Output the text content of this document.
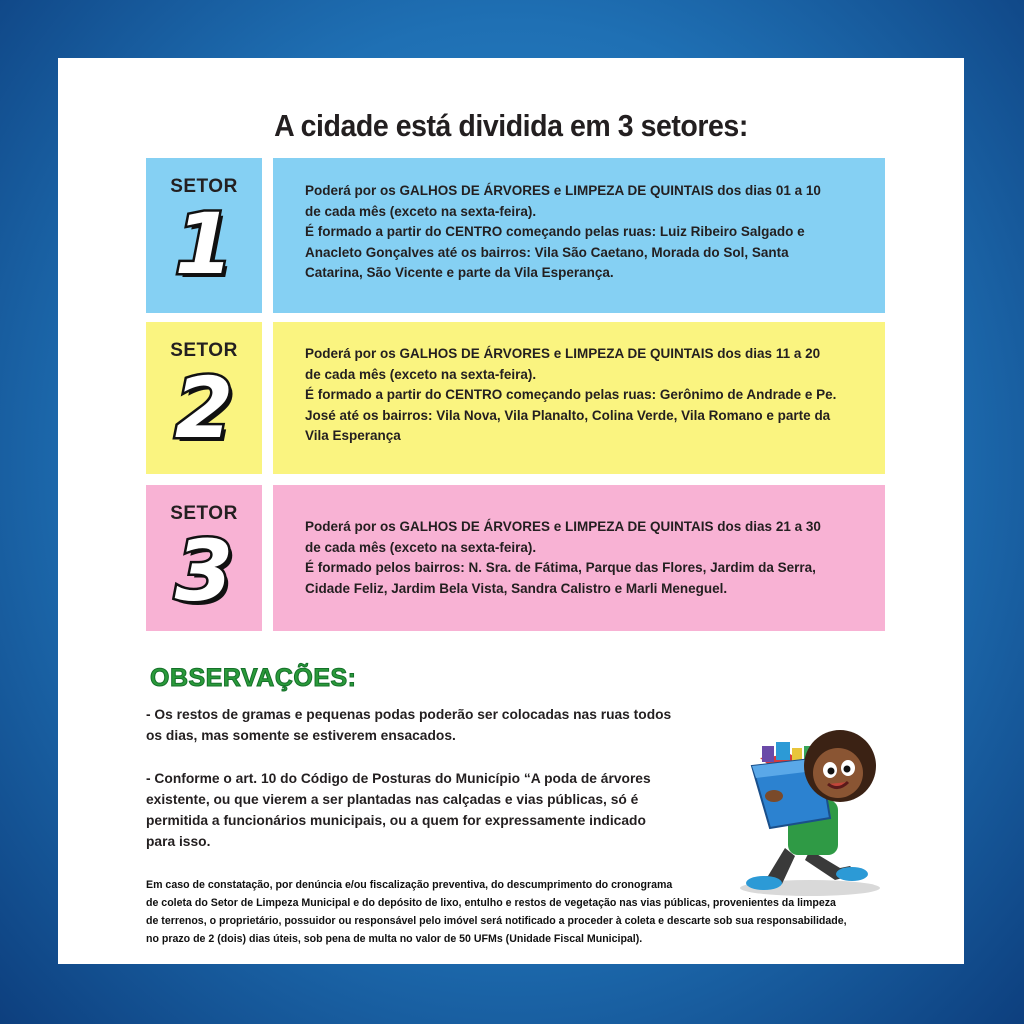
A cidade está dividida em 3 setores:
SETOR
1

Poderá por os GALHOS DE ÁRVORES e LIMPEZA DE QUINTAIS dos dias 01 a 10

de cada mês (exceto na sexta-feira).

É formado a partir do CENTRO começando pelas ruas: Luiz Ribeiro Salgado e

Anacleto Gonçalves até os bairros: Vila São Caetano, Morada do Sol, Santa

Catarina, São Vicente e parte da Vila Esperança.

SETOR
2

Poderá por os GALHOS DE ÁRVORES e LIMPEZA DE QUINTAIS dos dias 11 a 20

de cada mês (exceto na sexta-feira).

É formado a partir do CENTRO começando pelas ruas: Gerônimo de Andrade e Pe.

José até os bairros: Vila Nova, Vila Planalto, Colina Verde, Vila Romano e parte da

Vila Esperança

SETOR
3	Poderá por os GALHOS DE ÁRVORES e LIMPEZA DE QUINTAIS dos dias 21 a 30

de cada mês (exceto na sexta-feira).

É formado pelos bairros: N. Sra. de Fátima, Parque das Flores, Jardim da Serra,

Cidade Feliz, Jardim Bela Vista, Sandra Calistro e Marli Meneguel.

OBSERVAÇÕES:

- Os restos de gramas e pequenas podas poderão ser colocadas nas ruas todos

os dias, mas somente se estiverem ensacados.

- Conforme o art. 10 do Código de Posturas do Município “A poda de árvores

existente, ou que vierem a ser plantadas nas calçadas e vias públicas, só é

permitida a funcionários municipais, ou a quem for expressamente indicado

para isso.

Em caso de constatação, por denúncia e/ou fiscalização preventiva, do descumprimento do cronograma

de coleta do Setor de Limpeza Municipal e do depósito de lixo, entulho e restos de vegetação nas vias públicas, provenientes da limpeza

de terrenos, o proprietário, possuidor ou responsável pelo imóvel será notificado a proceder à coleta e descarte sob sua responsabilidade,

no prazo de 2 (dois) dias úteis, sob pena de multa no valor de 50 UFMs (Unidade Fiscal Municipal).
